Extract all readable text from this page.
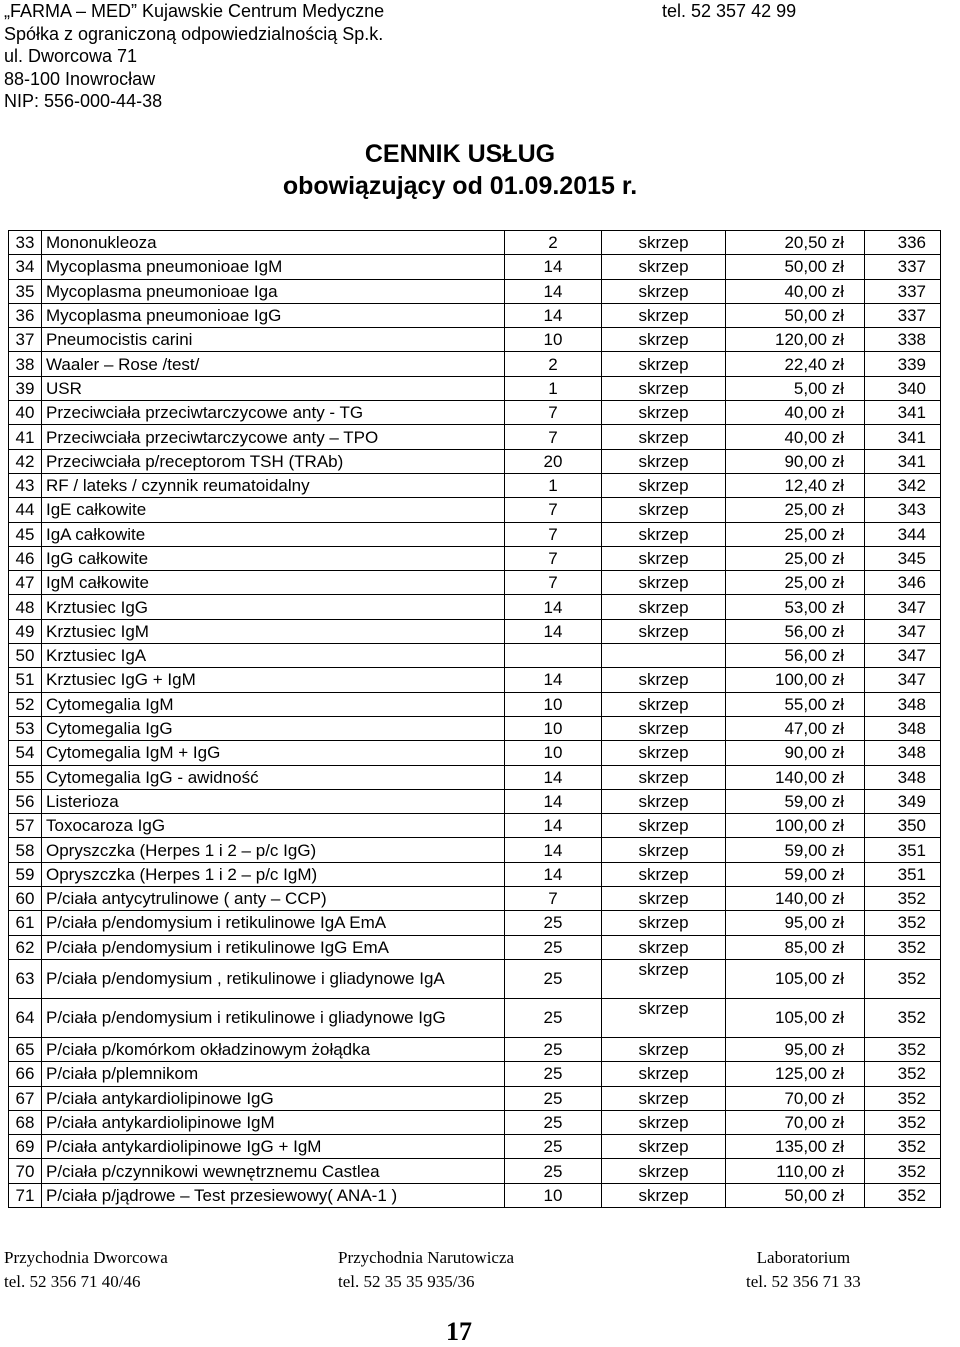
„FARMA – MED” Kujawskie Centrum Medyczne
Spółka z ograniczoną odpowiedzialnością Sp.k.
ul. Dworcowa 71
88-100 Inowrocław
NIP: 556-000-44-38
tel. 52 357 42 99
CENNIK USŁUG
obowiązujący od 01.09.2015 r.
33	Mononukleoza	2	skrzep	20,50 zł	336
34	Mycoplasma pneumonioae IgM	14	skrzep	50,00 zł	337
35	Mycoplasma pneumonioae Iga	14	skrzep	40,00 zł	337
36	Mycoplasma pneumonioae IgG	14	skrzep	50,00 zł	337
37	Pneumocistis carini	10	skrzep	120,00 zł	338
38	Waaler – Rose /test/	2	skrzep	22,40 zł	339
39	USR	1	skrzep	5,00 zł	340
40	Przeciwciała przeciwtarczycowe anty - TG	7	skrzep	40,00 zł	341
41	Przeciwciała przeciwtarczycowe anty – TPO	7	skrzep	40,00 zł	341
42	Przeciwciała p/receptorom TSH (TRAb)	20	skrzep	90,00 zł	341
43	RF / lateks / czynnik reumatoidalny	1	skrzep	12,40 zł	342
44	IgE całkowite	7	skrzep	25,00 zł	343
45	IgA całkowite	7	skrzep	25,00 zł	344
46	IgG całkowite	7	skrzep	25,00 zł	345
47	IgM całkowite	7	skrzep	25,00 zł	346
48	Krztusiec IgG	14	skrzep	53,00 zł	347
49	Krztusiec IgM	14	skrzep	56,00 zł	347
50	Krztusiec IgA			56,00 zł	347
51	Krztusiec IgG + IgM	14	skrzep	100,00 zł	347
52	Cytomegalia IgM	10	skrzep	55,00 zł	348
53	Cytomegalia IgG	10	skrzep	47,00 zł	348
54	Cytomegalia IgM + IgG	10	skrzep	90,00 zł	348
55	Cytomegalia IgG - awidność	14	skrzep	140,00 zł	348
56	Listerioza	14	skrzep	59,00 zł	349
57	Toxocaroza IgG	14	skrzep	100,00 zł	350
58	Opryszczka (Herpes 1 i 2 – p/c IgG)	14	skrzep	59,00 zł	351
59	Opryszczka (Herpes 1 i 2 – p/c IgM)	14	skrzep	59,00 zł	351
60	P/ciała antycytrulinowe ( anty – CCP)	7	skrzep	140,00 zł	352
61	P/ciała p/endomysium i retikulinowe IgA EmA	25	skrzep	95,00 zł	352
62	P/ciała p/endomysium i retikulinowe IgG EmA	25	skrzep	85,00 zł	352
63	P/ciała p/endomysium , retikulinowe i gliadynowe IgA	25	skrzep	105,00 zł	352
64	P/ciała p/endomysium i retikulinowe i gliadynowe IgG	25	skrzep	105,00 zł	352
65	P/ciała p/komórkom okładzinowym żołądka	25	skrzep	95,00 zł	352
66	P/ciała p/plemnikom	25	skrzep	125,00 zł	352
67	P/ciała antykardiolipinowe IgG	25	skrzep	70,00 zł	352
68	P/ciała antykardiolipinowe IgM	25	skrzep	70,00 zł	352
69	P/ciała antykardiolipinowe IgG + IgM	25	skrzep	135,00 zł	352
70	P/ciała p/czynnikowi wewnętrznemu Castlea	25	skrzep	110,00 zł	352
71	P/ciała p/jądrowe – Test przesiewowy( ANA-1 )	10	skrzep	50,00 zł	352
Przychodnia Dworcowa
tel. 52 356 71 40/46
Przychodnia Narutowicza
tel. 52 35 35 935/36
Laboratorium
tel. 52 356 71 33
17
